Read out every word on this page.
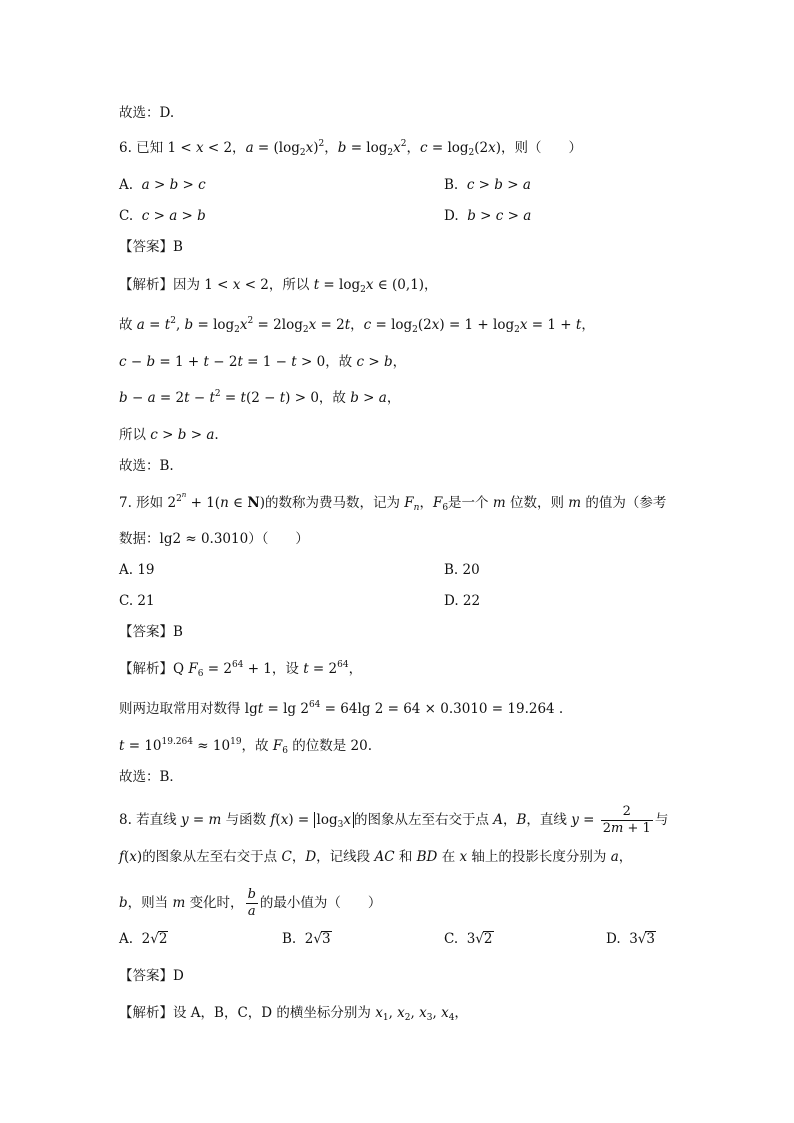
故选：D.
6. 已知 1 < x < 2，$a = (\log_2x)^2$，$b = \log_2x^2$，$c = \log_2(2x)$，则（　　）
A. a > b > c	B. c > b > a
C. c > a > b	D. b > c > a
【答案】B
【解析】因为 1 < x < 2，所以 $t = \log_2x$ ∈ (0,1)，
故 $a = t^2$, $b = \log_2x^2 = 2\log_2x = 2t$，$c = \log_2(2x) = 1 + \log_2x = 1 + t$，
c − b = 1 + t − 2t = 1 − t > 0，故 c > b，
$b - a = 2t - t^2 = t(2 - t) > 0$，故 b > a，
所以 c > b > a.
故选：B.
7. 形如 $2^{2^n} + 1(n$ ∈ N)的数称为费马数，记为 $F_n$，$F_6$是一个 m 位数，则 m 的值为（参考
数据：lg2 ≈ 0.3010）（　　）
A. 19	B. 20
C. 21	D. 22
【答案】B
【解析】Q $F_6 = 2^{64} + 1$，设 $t = 2^{64}$，
则两边取常用对数得 $\lg t = \lg 2^{64} = 64\lg$ 2 = 64 × 0.3010 = 19.264 .
$t = 10^{19.264} \approx 10^{19}$，故 $F_6$ 的位数是 20.
故选：B．
8. 若直线 y = m 与函数 $f(x) = \log_3x$ 的图象从左至右交于点 A，B，直线 $y = \frac{2}{2m + 1}$ 与
f(x)的图象从左至右交于点 C，D，记线段 AC 和 BD 在 x 轴上的投影长度分别为 a，
b，则当 m 变化时， $\frac{b}{a}$ 的最小值为（　　）
A.  2√2	B.  2√3	C.  3√2	D.  3√3
【答案】D
【解析】设 A，B，C，D 的横坐标分别为 $x_1$, $x_2$, $x_3$, $x_4$，
